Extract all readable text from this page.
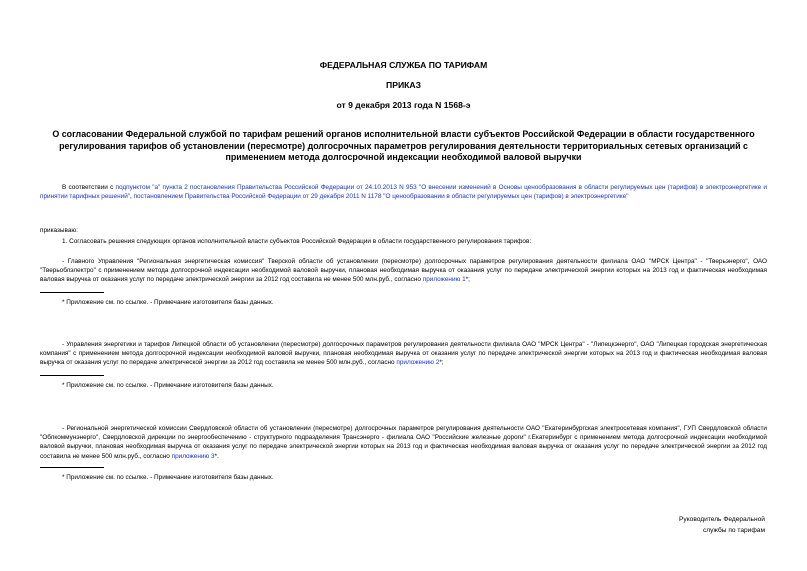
ФЕДЕРАЛЬНАЯ СЛУЖБА ПО ТАРИФАМ
ПРИКАЗ
от 9 декабря 2013 года N 1568-э
О согласовании Федеральной службой по тарифам решений органов исполнительной власти субъектов Российской Федерации в области государственного регулирования тарифов об установлении (пересмотре) долгосрочных параметров регулирования деятельности территориальных сетевых организаций с применением метода долгосрочной индексации необходимой валовой выручки
В соответствии с подпунктом "а" пункта 2 постановления Правительства Российской Федерации от 24.10.2013 N 953 "О внесении изменений в Основы ценообразования в области регулируемых цен (тарифов) в электроэнергетике и принятии тарифных решений", постановлением Правительства Российской Федерации от 29 декабря 2011 N 1178 "О ценообразовании в области регулируемых цен (тарифов) в электроэнергетике"
приказываю:
1. Согласовать решения следующих органов исполнительной власти субъектов Российской Федерации в области государственного регулирования тарифов:
- Главного Управления "Региональная энергетическая комиссия" Тверской области об установлении (пересмотре) долгосрочных параметров регулирования деятельности филиала ОАО "МРСК Центра" - "Тверьэнерго", ОАО "Тверьоблэлектро" с применением метода долгосрочной индексации необходимой валовой выручки, плановая необходимая выручка от оказания услуг по передаче электрической энергии которых на 2013 год и фактическая необходимая валовая выручка от оказания услуг по передаче электрической энергии за 2012 год составила не менее 500 млн.руб., согласно приложению 1*;
* Приложение см. по ссылке. - Примечание изготовителя базы данных.
- Управления энергетики и тарифов Липецкой области об установлении (пересмотре) долгосрочных параметров регулирования деятельности филиала ОАО "МРСК Центра" - "Липецкэнерго", ОАО "Липецкая городская энергетическая компания" с применением метода долгосрочной индексации необходимой валовой выручки, плановая необходимая выручка от оказания услуг по передаче электрической энергии которых на 2013 год и фактическая необходимая валовая выручка от оказания услуг по передаче электрической энергии за 2012 год составила не менее 500 млн.руб., согласно приложению 2*;
* Приложение см. по ссылке. - Примечание изготовителя базы данных.
- Региональной энергетической комиссии Свердловской области об установлении (пересмотре) долгосрочных параметров регулирования деятельности ОАО "Екатеринбургская электросетевая компания", ГУП Свердловской области "Облкоммунэнерго", Свердловской дирекции по энергообеспечению - структурного подразделения Трансэнерго - филиала ОАО "Российские железные дороги" г.Екатеринбург с применением метода долгосрочной индексации необходимой валовой выручки, плановая необходимая выручка от оказания услуг по передаче электрической энергии которых на 2013 год и фактическая необходимая валовая выручка от оказания услуг по передаче электрической энергии за 2012 год составила не менее 500 млн.руб., согласно приложению 3*.
* Приложение см. по ссылке. - Примечание изготовителя базы данных.
Руководитель Федеральной
службы по тарифам
